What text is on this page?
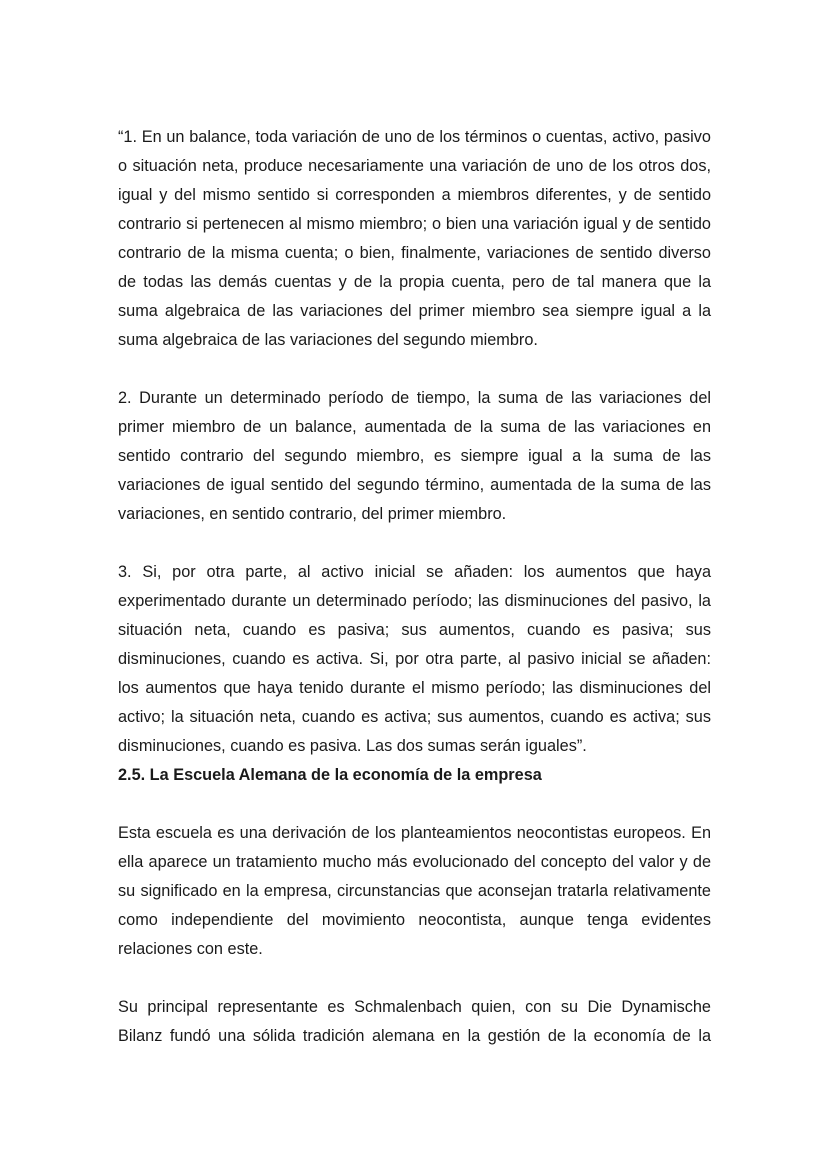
“1. En un balance, toda variación de uno de los términos o cuentas, activo, pasivo o situación neta, produce necesariamente una variación de uno de los otros dos, igual y del mismo sentido si corresponden a miembros diferentes, y de sentido contrario si pertenecen al mismo miembro; o bien una variación igual y de sentido contrario de la misma cuenta; o bien, finalmente, variaciones de sentido diverso de todas las demás cuentas y de la propia cuenta, pero de tal manera que la suma algebraica de las variaciones del primer miembro sea siempre igual a la suma algebraica de las variaciones del segundo miembro.

2. Durante un determinado período de tiempo, la suma de las variaciones del primer miembro de un balance, aumentada de la suma de las variaciones en sentido contrario del segundo miembro, es siempre igual a la suma de las variaciones de igual sentido del segundo término, aumentada de la suma de las variaciones, en sentido contrario, del primer miembro.

3. Si, por otra parte, al activo inicial se añaden: los aumentos que haya experimentado durante un determinado período; las disminuciones del pasivo, la situación neta, cuando es pasiva; sus aumentos, cuando es pasiva; sus disminuciones, cuando es activa. Si, por otra parte, al pasivo inicial se añaden: los aumentos que haya tenido durante el mismo período; las disminuciones del activo; la situación neta, cuando es activa; sus aumentos, cuando es activa; sus disminuciones, cuando es pasiva. Las dos sumas serán iguales”.

2.5. La Escuela Alemana de la economía de la empresa

Esta escuela es una derivación de los planteamientos neocontistas europeos. En ella aparece un tratamiento mucho más evolucionado del concepto del valor y de su significado en la empresa, circunstancias que aconsejan tratarla relativamente como independiente del movimiento neocontista, aunque tenga evidentes relaciones con este.

Su principal representante es Schmalenbach quien, con su Die Dynamische Bilanz fundó una sólida tradición alemana en la gestión de la economía de la
